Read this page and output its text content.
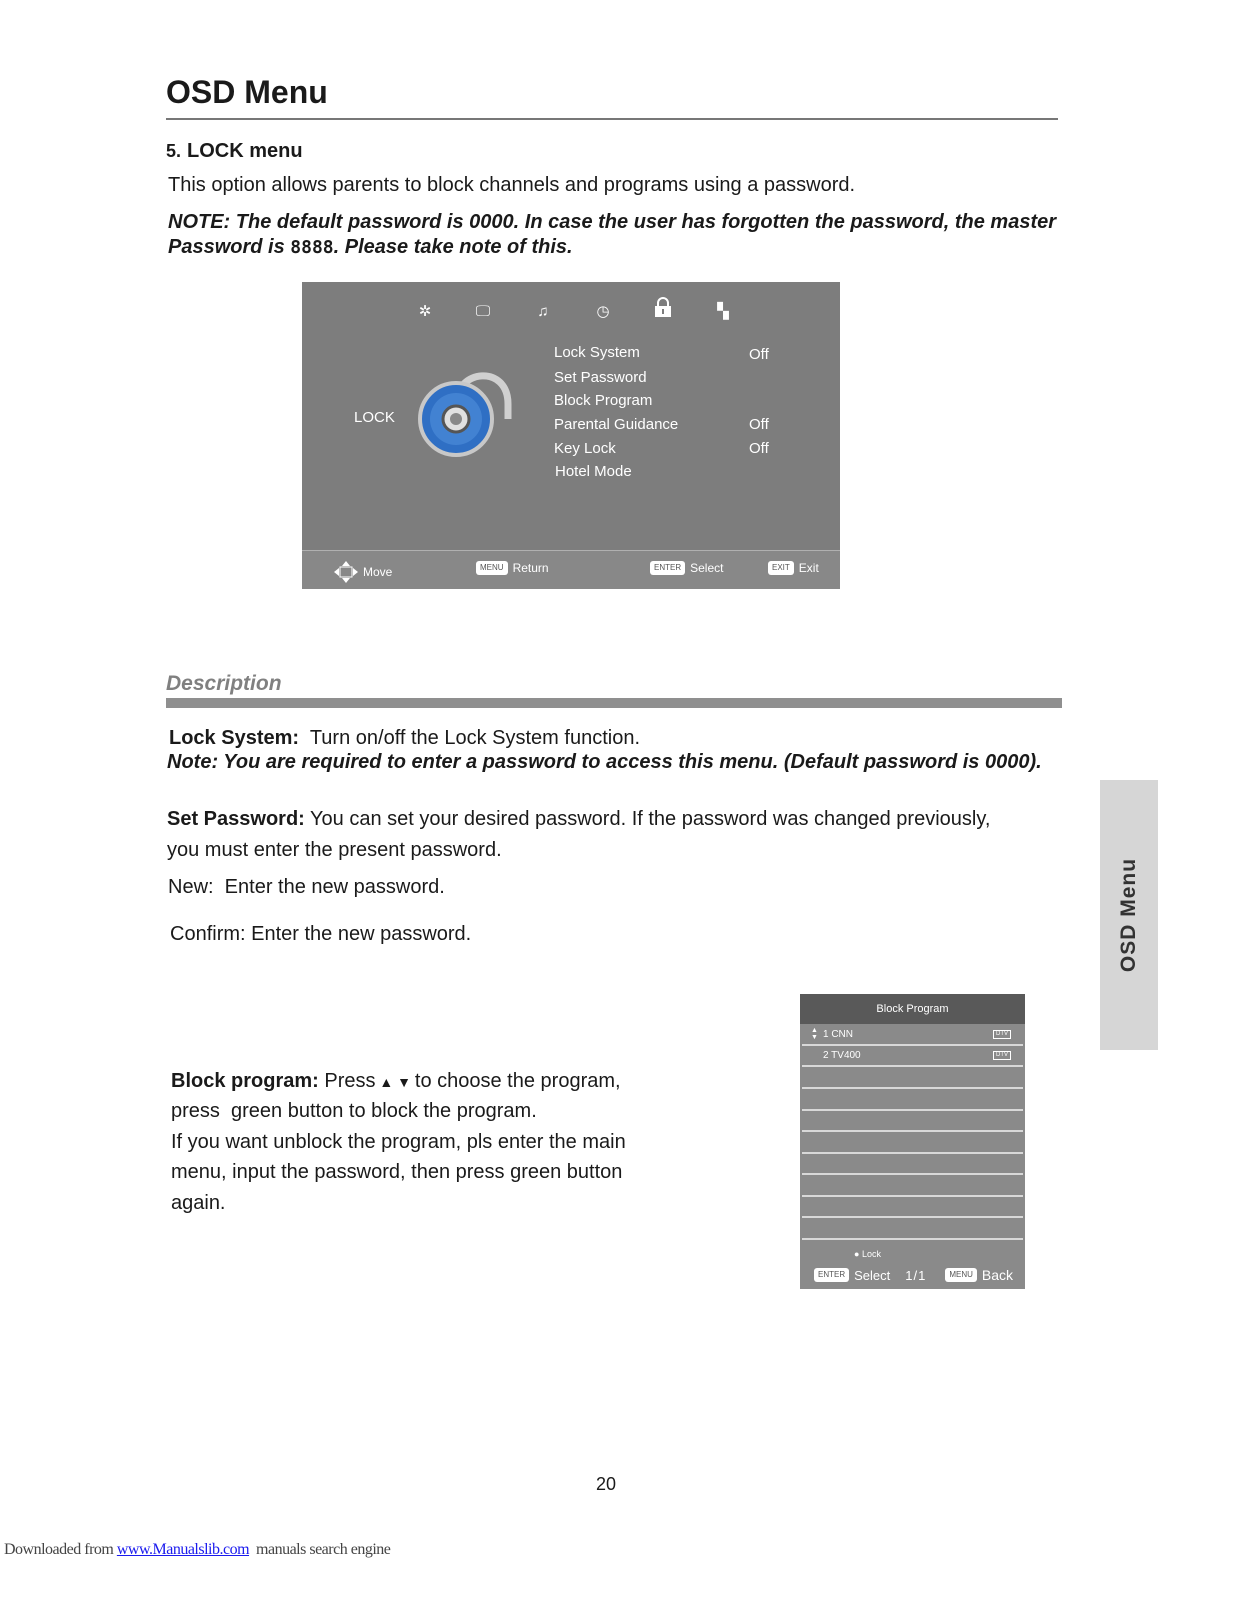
OSD Menu
5. LOCK menu
This option allows parents to block channels and programs using a password.
NOTE: The default password is 0000. In case the user has forgotten the password, the master Password is 8888. Please take note of this.
✲	🖵	♫	◷	▚
LOCK
Lock System	Off
Set Password
Block Program
Parental Guidance	Off
Key Lock	Off
Hotel Mode
Move	MENU Return	ENTER Select	EXIT Exit
Description
Lock System: Turn on/off the Lock System function.
Note: You are required to enter a password to access this menu. (Default password is 0000).
Set Password: You can set your desired password. If the password was changed previously,
you must enter the present password.
New:  Enter the new password.
Confirm: Enter the new password.
Block program: Press ▲ ▼ to choose the program,
press  green button to block the program.
If you want unblock the program, pls enter the main
menu, input the password, then press green button
again.
Block Program
▲
▼ 1 CNN	DTV
2 TV400	DTV
● Lock
ENTER Select 1/1	MENU Back
OSD Menu
20
Downloaded from www.Manualslib.com  manuals search engine
